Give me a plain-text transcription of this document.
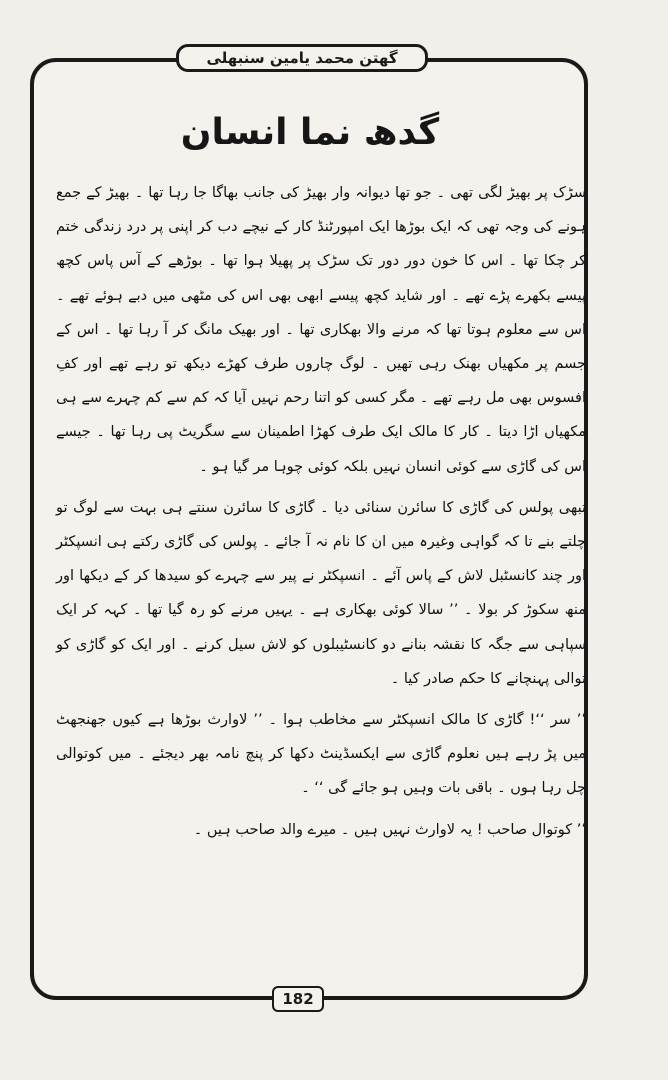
گھتن محمد یامین سنبھلی
گدھ نما انسان

سڑک پر بھیڑ لگی تھی ۔ جو تھا دیوانہ وار بھیڑ کی جانب بھاگا جا رہا تھا ۔ بھیڑ کے جمع ہونے کی وجہ تھی کہ ایک بوڑھا ایک امپورٹنڈ کار کے نیچے دب کر اپنی پر درد زندگی ختم کر چکا تھا ۔ اس کا خون دور دور تک سڑک پر پھیلا ہوا تھا ۔ بوڑھے کے آس پاس کچھ پیسے بکھرے پڑے تھے ۔ اور شاید کچھ پیسے ابھی بھی اس کی مٹھی میں دبے ہوئے تھے ۔ اس سے معلوم ہوتا تھا کہ مرنے والا بھکاری تھا ۔ اور بھیک مانگ کر آ رہا تھا ۔ اس کے جسم پر مکھیاں بھنک رہی تھیں ۔ لوگ چاروں طرف کھڑے دیکھ تو رہے تھے اور کفِ افسوس بھی مل رہے تھے ۔ مگر کسی کو اتنا رحم نہیں آیا کہ کم سے کم چہرے سے ہی مکھیاں اڑا دیتا ۔ کار کا مالک ایک طرف کھڑا اطمینان سے سگریٹ پی رہا تھا ۔ جیسے اس کی گاڑی سے کوئی انسان نہیں بلکہ کوئی چوہا مر گیا ہو ۔

تبھی پولس کی گاڑی کا سائرن سنائی دیا ۔ گاڑی کا سائرن سنتے ہی بہت سے لوگ تو چلتے بنے تا کہ گواہی وغیرہ میں ان کا نام نہ آ جائے ۔ پولس کی گاڑی رکتے ہی انسپکٹر اور چند کانسٹبل لاش کے پاس آئے ۔ انسپکٹر نے پیر سے چہرے کو سیدھا کر کے دیکھا اور منھ سکوڑ کر بولا ۔ ’’ سالا کوئی بھکاری ہے ۔ یہیں مرنے کو رہ گیا تھا ۔ کہہ کر ایک سپاہی سے جگہ کا نقشہ بنانے دو کانسٹیبلوں کو لاش سیل کرنے ۔ اور ایک کو گاڑی کو توالی پہنچانے کا حکم صادر کیا ۔

’’ سر ‘‘! گاڑی کا مالک انسپکٹر سے مخاطب ہوا ۔ ’’ لاوارث بوڑھا ہے کیوں جھنجھٹ میں پڑ رہے ہیں نعلوم گاڑی سے ایکسڈینٹ دکھا کر پنچ نامہ بھر دیجئے ۔ میں کوتوالی چل رہا ہوں ۔ باقی بات وہیں ہو جائے گی ‘‘ ۔

’’ کوتوال صاحب ! یہ لاوارث نہیں ہیں ۔ میرے والد صاحب ہیں ۔

182
